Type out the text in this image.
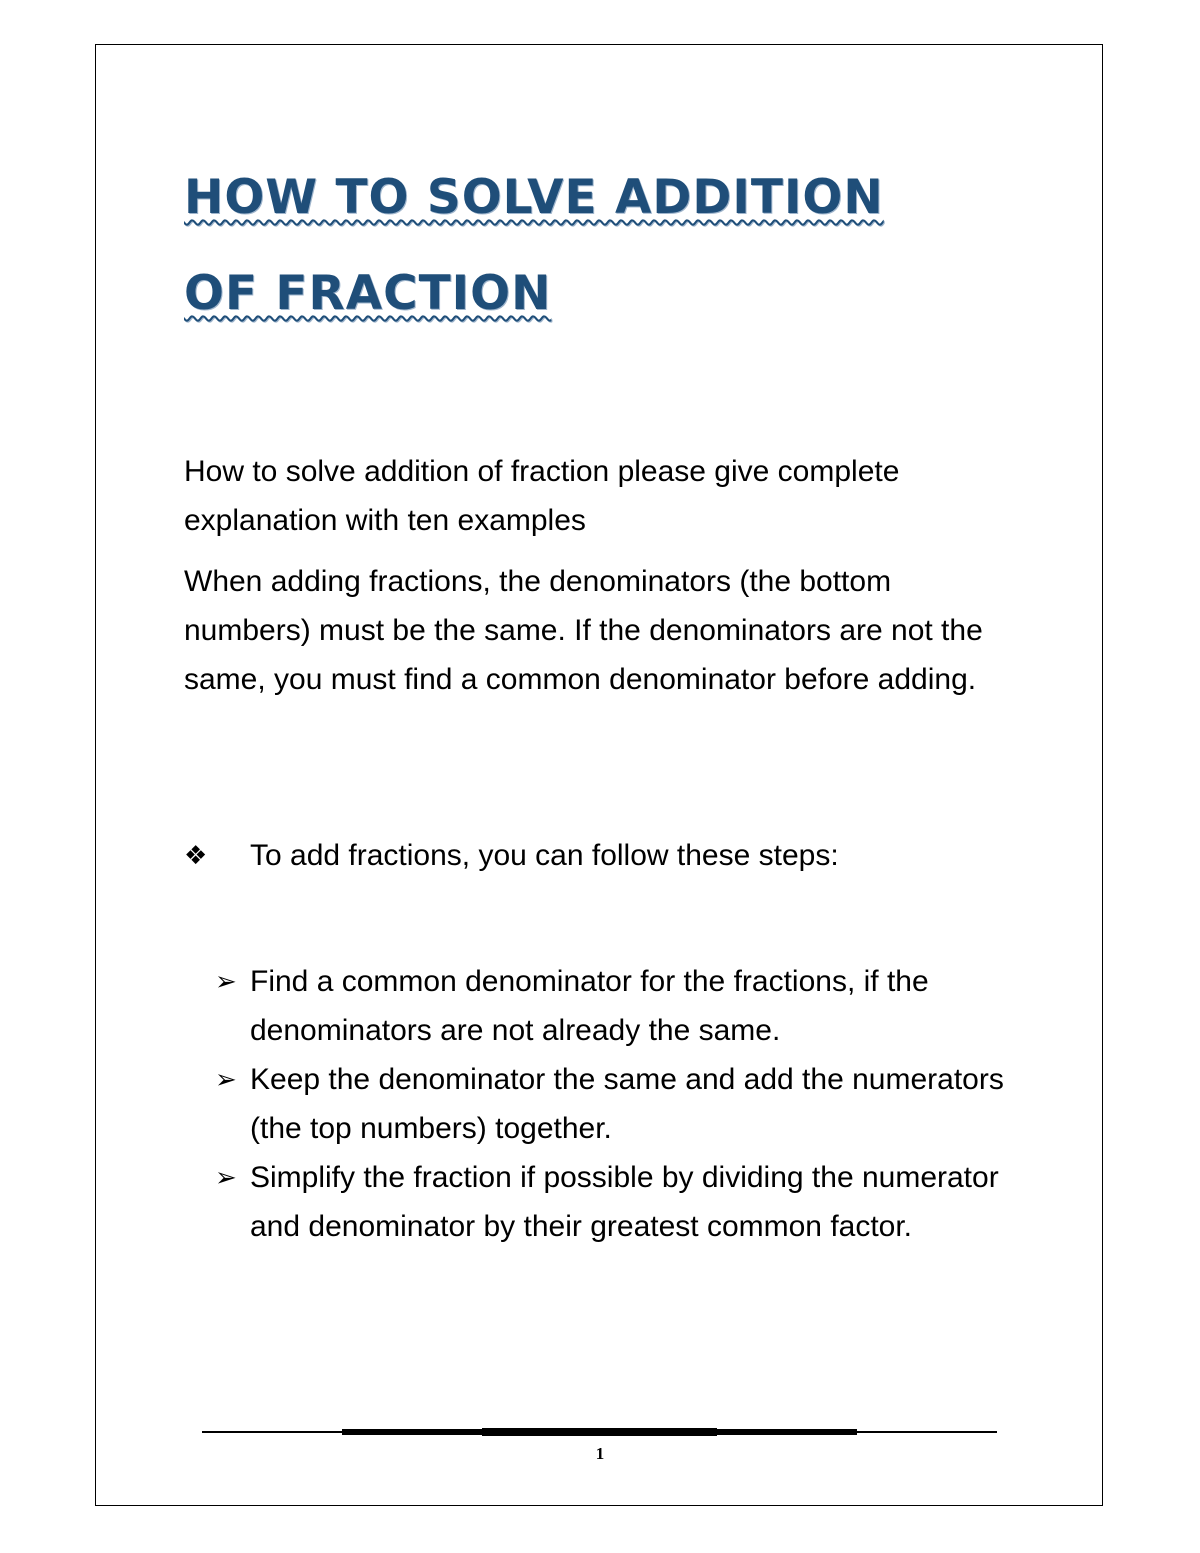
HOW TO SOLVE ADDITION
OF FRACTION

How to solve addition of fraction please give complete explanation with ten examples

When adding fractions, the denominators (the bottom numbers) must be the same. If the denominators are not the same, you must find a common denominator before adding.

❖	To add fractions, you can follow these steps:
➢ Find a common denominator for the fractions, if the denominators are not already the same.
➢ Keep the denominator the same and add the numerators (the top numbers) together.
➢ Simplify the fraction if possible by dividing the numerator and denominator by their greatest common factor.
1
